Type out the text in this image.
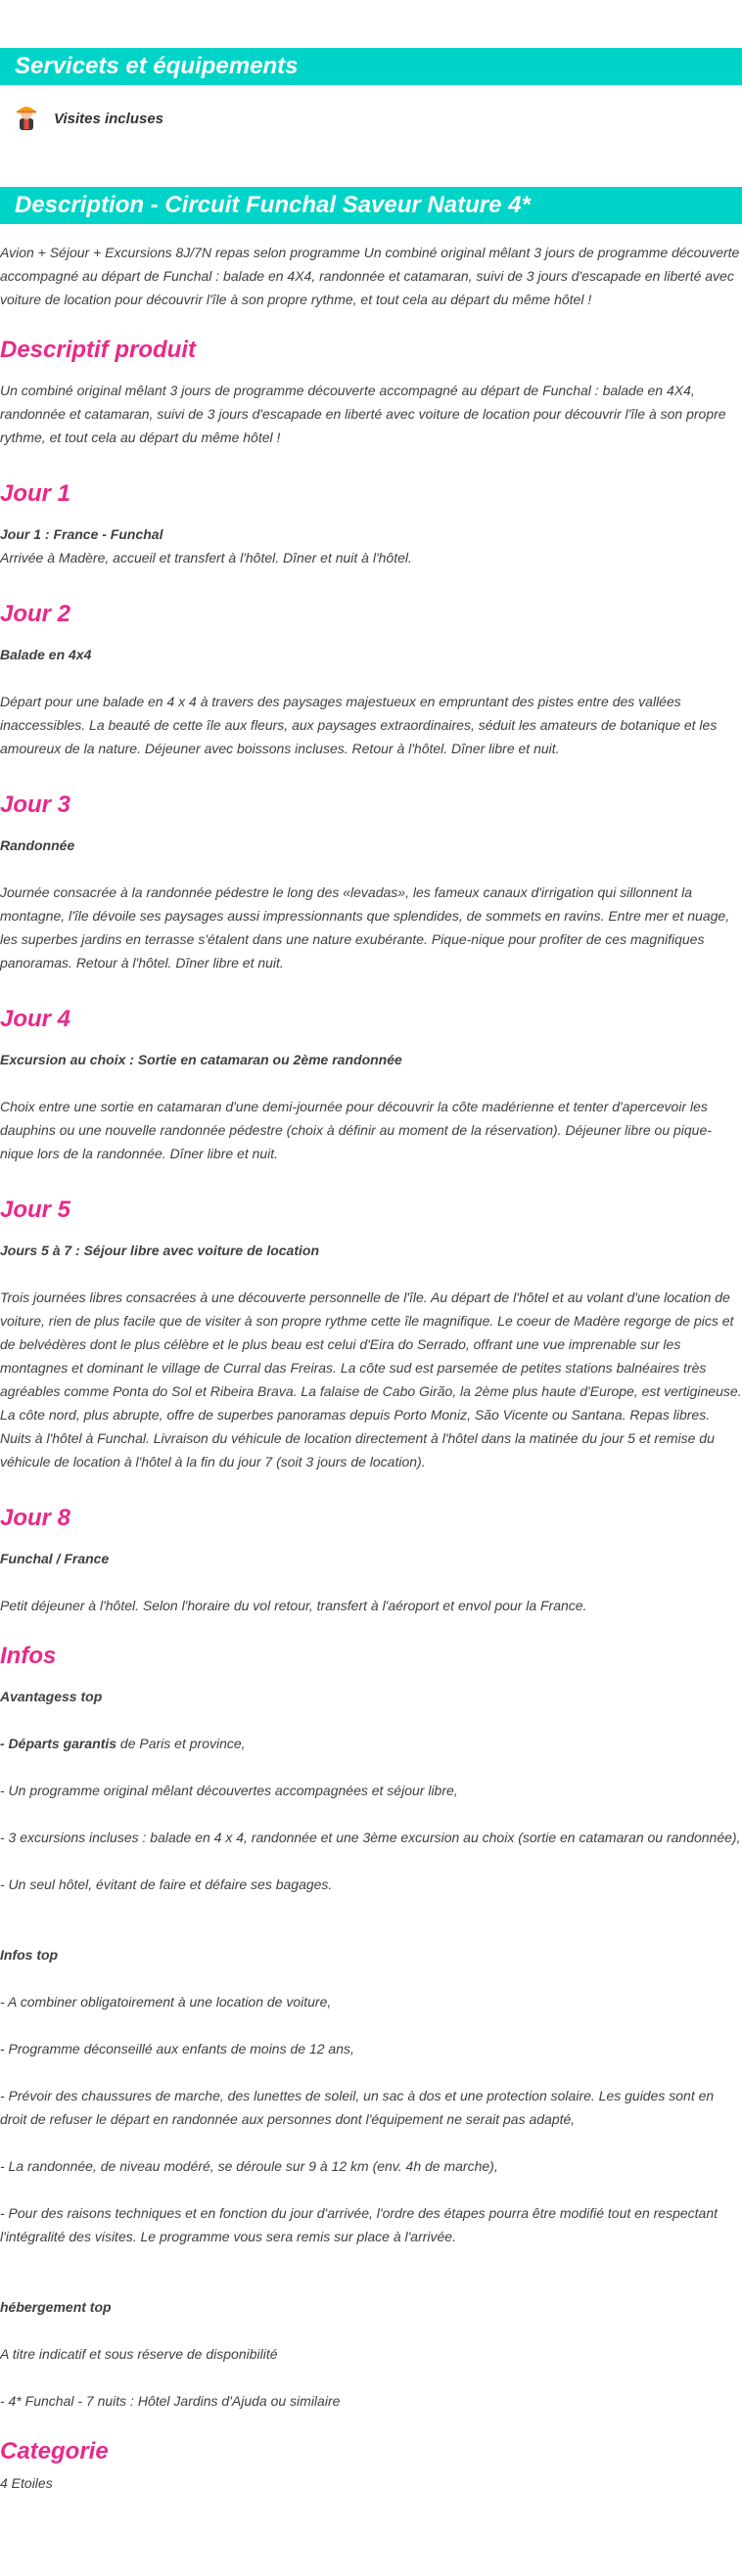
Servicets et équipements
Visites incluses
Description - Circuit Funchal Saveur Nature 4*

Avion + Séjour + Excursions 8J/7N repas selon programme Un combiné original mêlant 3 jours de programme découverte accompagné au départ de Funchal : balade en 4X4, randonnée et catamaran, suivi de 3 jours d'escapade en liberté avec voiture de location pour découvrir l'île à son propre rythme, et tout cela au départ du même hôtel !

Descriptif produit

Un combiné original mêlant 3 jours de programme découverte accompagné au départ de Funchal : balade en 4X4, randonnée et catamaran, suivi de 3 jours d'escapade en liberté avec voiture de location pour découvrir l'île à son propre rythme, et tout cela au départ du même hôtel !

Jour 1

Jour 1 : France - Funchal

Arrivée à Madère, accueil et transfert à l'hôtel. Dîner et nuit à l'hôtel.

Jour 2

Balade en 4x4

Départ pour une balade en 4 x 4 à travers des paysages majestueux en empruntant des pistes entre des vallées inaccessibles. La beauté de cette île aux fleurs, aux paysages extraordinaires, séduit les amateurs de botanique et les amoureux de la nature. Déjeuner avec boissons incluses. Retour à l'hôtel. Dîner libre et nuit.

Jour 3

Randonnée

Journée consacrée à la randonnée pédestre le long des «levadas», les fameux canaux d'irrigation qui sillonnent la montagne, l'île dévoile ses paysages aussi impressionnants que splendides, de sommets en ravins. Entre mer et nuage, les superbes jardins en terrasse s'étalent dans une nature exubérante. Pique-nique pour profiter de ces magnifiques panoramas. Retour à l'hôtel. Dîner libre et nuit.

Jour 4

Excursion au choix : Sortie en catamaran ou 2ème randonnée

Choix entre une sortie en catamaran d'une demi-journée pour découvrir la côte madérienne et tenter d'apercevoir les dauphins ou une nouvelle randonnée pédestre (choix à définir au moment de la réservation). Déjeuner libre ou pique-nique lors de la randonnée. Dîner libre et nuit.

Jour 5

Jours 5 à 7 : Séjour libre avec voiture de location

Trois journées libres consacrées à une découverte personnelle de l'île. Au départ de l'hôtel et au volant d'une location de voiture, rien de plus facile que de visiter à son propre rythme cette île magnifique. Le coeur de Madère regorge de pics et de belvédères dont le plus célèbre et le plus beau est celui d'Eira do Serrado, offrant une vue imprenable sur les montagnes et dominant le village de Curral das Freiras. La côte sud est parsemée de petites stations balnéaires très agréables comme Ponta do Sol et Ribeira Brava. La falaise de Cabo Girão, la 2ème plus haute d'Europe, est vertigineuse. La côte nord, plus abrupte, offre de superbes panoramas depuis Porto Moniz, São Vicente ou Santana. Repas libres. Nuits à l'hôtel à Funchal. Livraison du véhicule de location directement à l'hôtel dans la matinée du jour 5 et remise du véhicule de location à l'hôtel à la fin du jour 7 (soit 3 jours de location).

Jour 8

Funchal / France

Petit déjeuner à l'hôtel. Selon l'horaire du vol retour, transfert à l'aéroport et envol pour la France.

Infos

Avantagess top

- Départs garantis de Paris et province,

- Un programme original mêlant découvertes accompagnées et séjour libre,

- 3 excursions incluses : balade en 4 x 4, randonnée et une 3ème excursion au choix (sortie en catamaran ou randonnée),

- Un seul hôtel, évitant de faire et défaire ses bagages.

Infos top

- A combiner obligatoirement à une location de voiture,

- Programme déconseillé aux enfants de moins de 12 ans,

- Prévoir des chaussures de marche, des lunettes de soleil, un sac à dos et une protection solaire. Les guides sont en droit de refuser le départ en randonnée aux personnes dont l'équipement ne serait pas adapté,

- La randonnée, de niveau modéré, se déroule sur 9 à 12 km (env. 4h de marche),

- Pour des raisons techniques et en fonction du jour d'arrivée, l'ordre des étapes pourra être modifié tout en respectant l'intégralité des visites. Le programme vous sera remis sur place à l'arrivée.

hébergement top

A titre indicatif et sous réserve de disponibilité

- 4* Funchal - 7 nuits : Hôtel Jardins d'Ajuda ou similaire

Categorie

4 Etoiles
